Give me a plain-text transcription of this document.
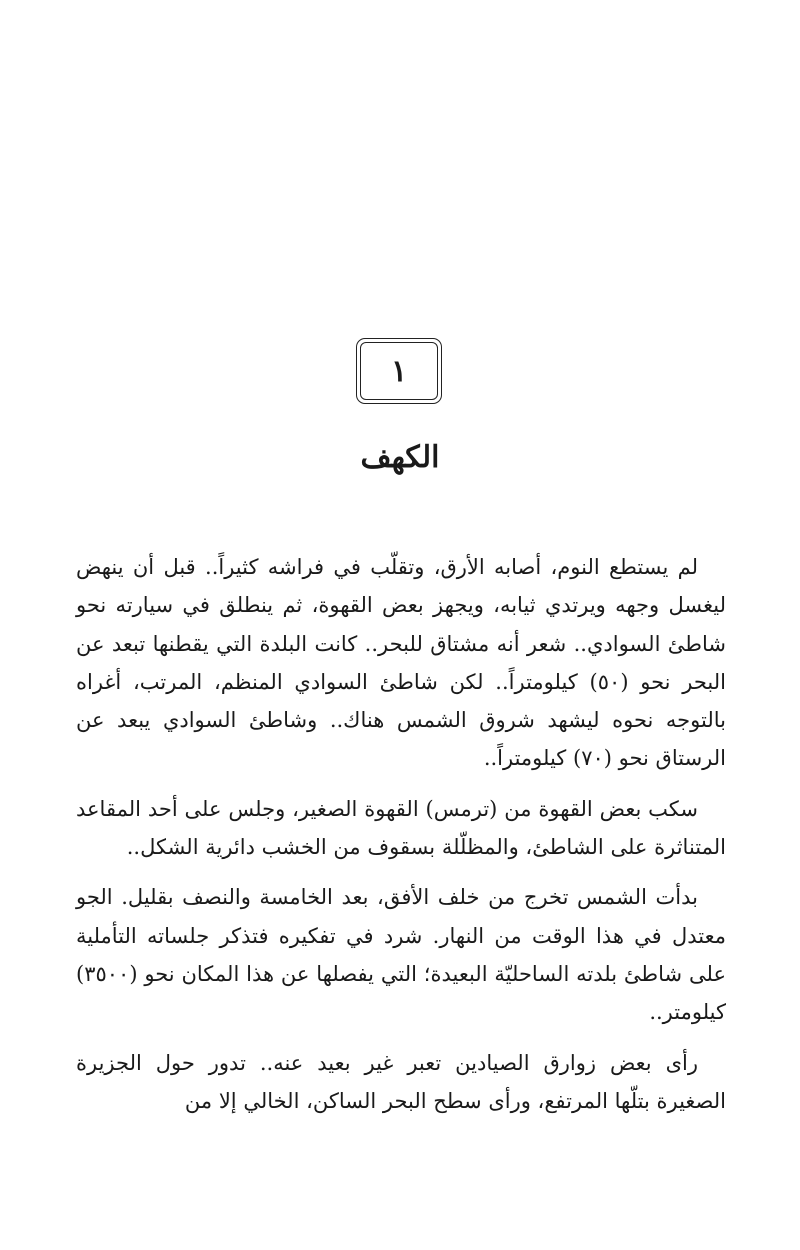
١
الكهف

لم يستطع النوم، أصابه الأرق، وتقلّب في فراشه كثيراً.. قبل أن ينهض ليغسل وجهه ويرتدي ثيابه، ويجهز بعض القهوة، ثم ينطلق في سيارته نحو شاطئ السوادي.. شعر أنه مشتاق للبحر.. كانت البلدة التي يقطنها تبعد عن البحر نحو (٥٠) كيلومتراً.. لكن شاطئ السوادي المنظم، المرتب، أغراه بالتوجه نحوه ليشهد شروق الشمس هناك.. وشاطئ السوادي يبعد عن الرستاق نحو (٧٠) كيلومتراً..

سكب بعض القهوة من (ترمس) القهوة الصغير، وجلس على أحد المقاعد المتناثرة على الشاطئ، والمظلّلة بسقوف من الخشب دائرية الشكل..

بدأت الشمس تخرج من خلف الأفق، بعد الخامسة والنصف بقليل. الجو معتدل في هذا الوقت من النهار. شرد في تفكيره فتذكر جلساته التأملية على شاطئ بلدته الساحليّة البعيدة؛ التي يفصلها عن هذا المكان نحو (٣٥٠٠) كيلومتر..

رأى بعض زوارق الصيادين تعبر غير بعيد عنه.. تدور حول الجزيرة الصغيرة بتلّها المرتفع، ورأى سطح البحر الساكن، الخالي إلا من
